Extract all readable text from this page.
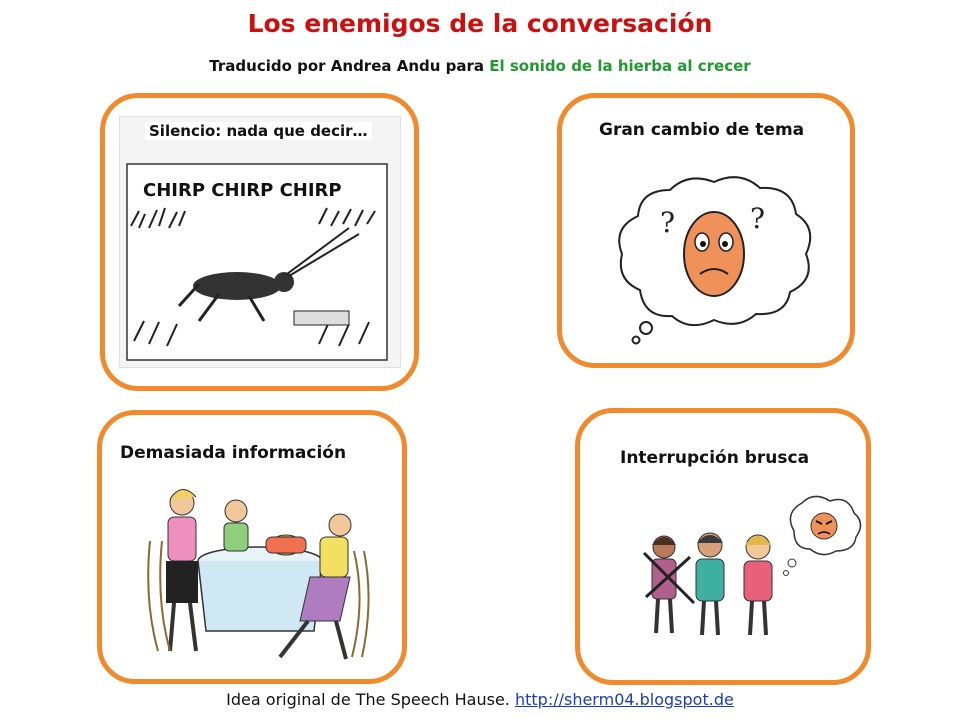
Los enemigos de la conversación
Traducido por Andrea Andu para El sonido de la hierba al crecer
CHIRP CHIRP CHIRP
Silencio: nada que decir…	Gran cambio de tema
?	?
Demasiada información	Interrupción brusca
Idea original de The Speech Hause. http://sherm04.blogspot.de
